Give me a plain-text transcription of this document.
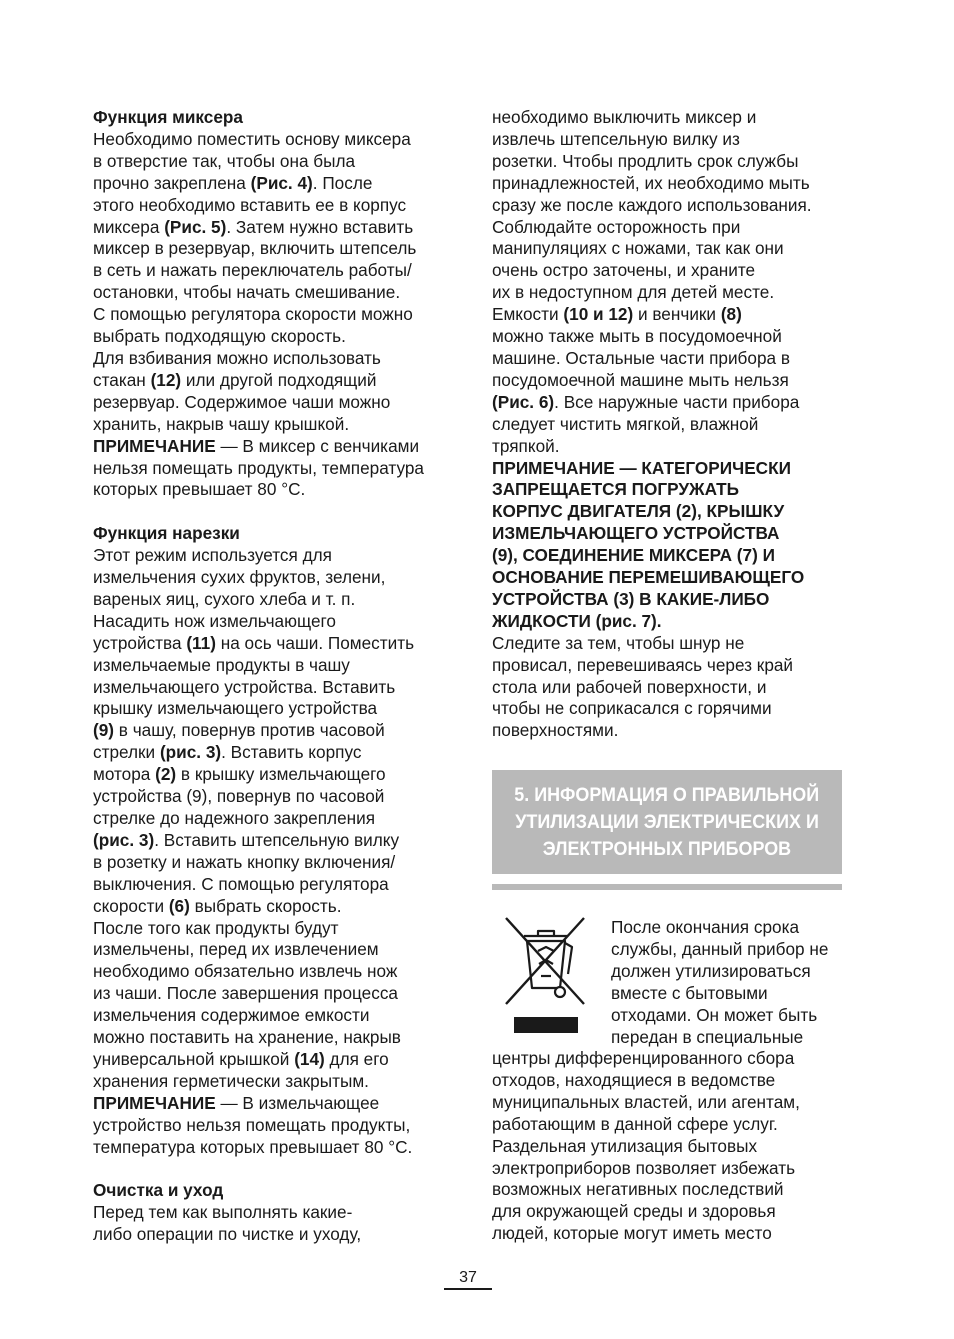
Функция миксера
Необходимо поместить основу миксера
в отверстие так, чтобы она была
прочно закреплена (Рис. 4). После
этого необходимо вставить ее в корпус
миксера (Рис. 5). Затем нужно вставить
миксер в резервуар, включить штепсель
в сеть и нажать переключатель работы/
остановки, чтобы начать смешивание.
С помощью регулятора скорости можно
выбрать подходящую скорость.
Для взбивания можно использовать
стакан (12) или другой подходящий
резервуар. Содержимое чаши можно
хранить, накрыв чашу крышкой.
ПРИМЕЧАНИЕ — В миксер с венчиками
нельзя помещать продукты, температура
которых превышает 80 °С.
Функция нарезки
Этот режим используется для
измельчения сухих фруктов, зелени,
вареных яиц, сухого хлеба и т. п.
Насадить нож измельчающего
устройства (11) на ось чаши. Поместить
измельчаемые продукты в чашу
измельчающего устройства. Вставить
крышку измельчающего устройства
(9) в чашу, повернув против часовой
стрелки (рис. 3). Вставить корпус
мотора (2) в крышку измельчающего
устройства (9), повернув по часовой
стрелке до надежного закрепления
(рис. 3). Вставить штепсельную вилку
в розетку и нажать кнопку включения/
выключения. С помощью регулятора
скорости (6) выбрать скорость.
После того как продукты будут
измельчены, перед их извлечением
необходимо обязательно извлечь нож
из чаши. После завершения процесса
измельчения содержимое емкости
можно поставить на хранение, накрыв
универсальной крышкой (14) для его
хранения герметически закрытым.
ПРИМЕЧАНИЕ — В измельчающее
устройство нельзя помещать продукты,
температура которых превышает 80 °С.
Очистка и уход
Перед тем как выполнять какие-
либо операции по чистке и уходу,
необходимо выключить миксер и
извлечь штепсельную вилку из
розетки. Чтобы продлить срок службы
принадлежностей, их необходимо мыть
сразу же после каждого использования.
Соблюдайте осторожность при
манипуляциях с ножами, так как они
очень остро заточены, и храните
их в недоступном для детей месте.
Емкости (10 и 12) и венчики (8)
можно также мыть в посудомоечной
машине. Остальные части прибора в
посудомоечной машине мыть нельзя
(Рис. 6). Все наружные части прибора
следует чистить мягкой, влажной
тряпкой.
ПРИМЕЧАНИЕ — КАТЕГОРИЧЕСКИ
ЗАПРЕЩАЕТСЯ ПОГРУЖАТЬ
КОРПУС ДВИГАТЕЛЯ (2), КРЫШКУ
ИЗМЕЛЬЧАЮЩЕГО УСТРОЙСТВА
(9), СОЕДИНЕНИЕ МИКСЕРА (7) И
ОСНОВАНИЕ ПЕРЕМЕШИВАЮЩЕГО
УСТРОЙСТВА (3) В КАКИЕ-ЛИБО
ЖИДКОСТИ (рис. 7).
Следите за тем, чтобы шнур не
провисал, перевешиваясь через край
стола или рабочей поверхности, и
чтобы не соприкасался с горячими
поверхностями.
5. ИНФОРМАЦИЯ О ПРАВИЛЬНОЙ
УТИЛИЗАЦИИ ЭЛЕКТРИЧЕСКИХ И
ЭЛЕКТРОННЫХ ПРИБОРОВ
После окончания срока
службы, данный прибор не
должен утилизироваться
вместе с бытовыми
отходами. Он может быть
передан в специальные
центры дифференцированного сбора
отходов, находящиеся в ведомстве
муниципальных властей, или агентам,
работающим в данной сфере услуг.
Раздельная утилизация бытовых
электроприборов позволяет избежать
возможных негативных последствий
для окружающей среды и здоровья
людей, которые могут иметь место
37
